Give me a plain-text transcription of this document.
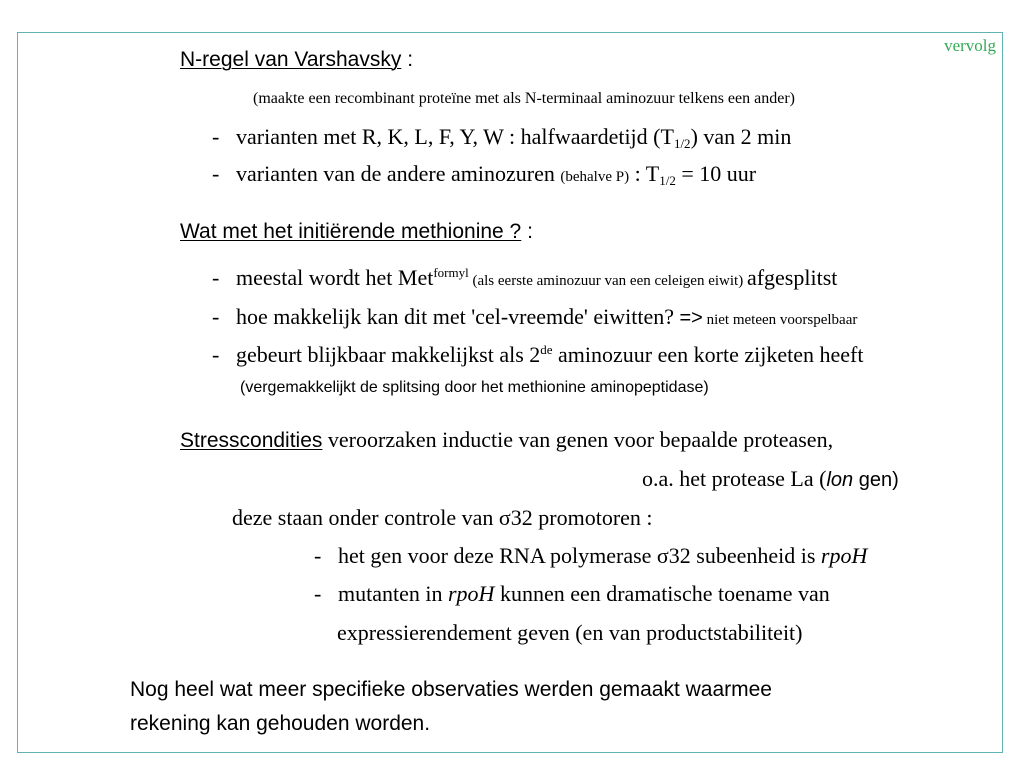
vervolg
N-regel van Varshavsky :
(maakte een recombinant proteïne met als N-terminaal aminozuur telkens een ander)
- varianten met R, K, L, F, Y, W : halfwaardetijd $(T_{1/2})$ van 2 min
- varianten van de andere aminozuren (behalve P) : $T_{1/2} = 10$ uur
Wat met het initiërende methionine ? :
- meestal wordt het Met$^{formyl}$ (als eerste aminozuur van een celeigen eiwit) afgesplitst
- hoe makkelijk kan dit met 'cel-vreemde' eiwitten? => niet meteen voorspelbaar
- gebeurt blijkbaar makkelijkst als 2de aminozuur een korte zijketen heeft
(vergemakkelijkt de splitsing door het methionine aminopeptidase)
Stresscondities veroorzaken inductie van genen voor bepaalde proteasen,
o.a. het protease La (lon gen)
deze staan onder controle van σ32 promotoren :
- het gen voor deze RNA polymerase σ32 subeenheid is rpoH
- mutanten in rpoH kunnen een dramatische toename van
expressierendement geven (en van productstabiliteit)
Nog heel wat meer specifieke observaties werden gemaakt waarmee
rekening kan gehouden worden.
